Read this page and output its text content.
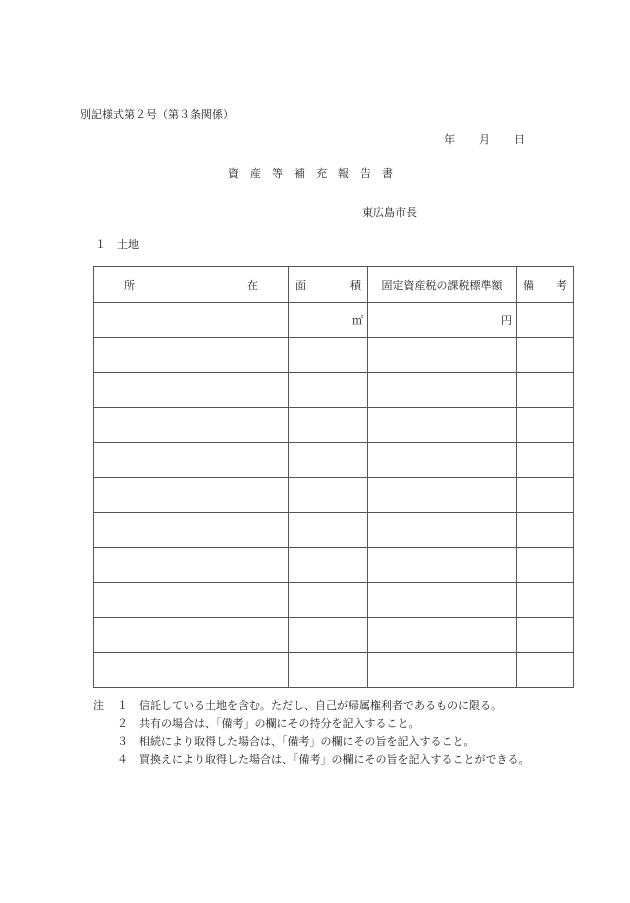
別記様式第２号（第３条関係）
年 月 日
資産等補充報告書
東広島市長
１　土地
所 在	面 積	固定資産税の課税標準額	備 考

	㎡	円	

注	１	信託している土地を含む。ただし、自己が帰属権利者であるものに限る。
２	共有の場合は、「備考」の欄にその持分を記入すること。
３	相続により取得した場合は、「備考」の欄にその旨を記入すること。
４	買換えにより取得した場合は、「備考」の欄にその旨を記入することができる。
